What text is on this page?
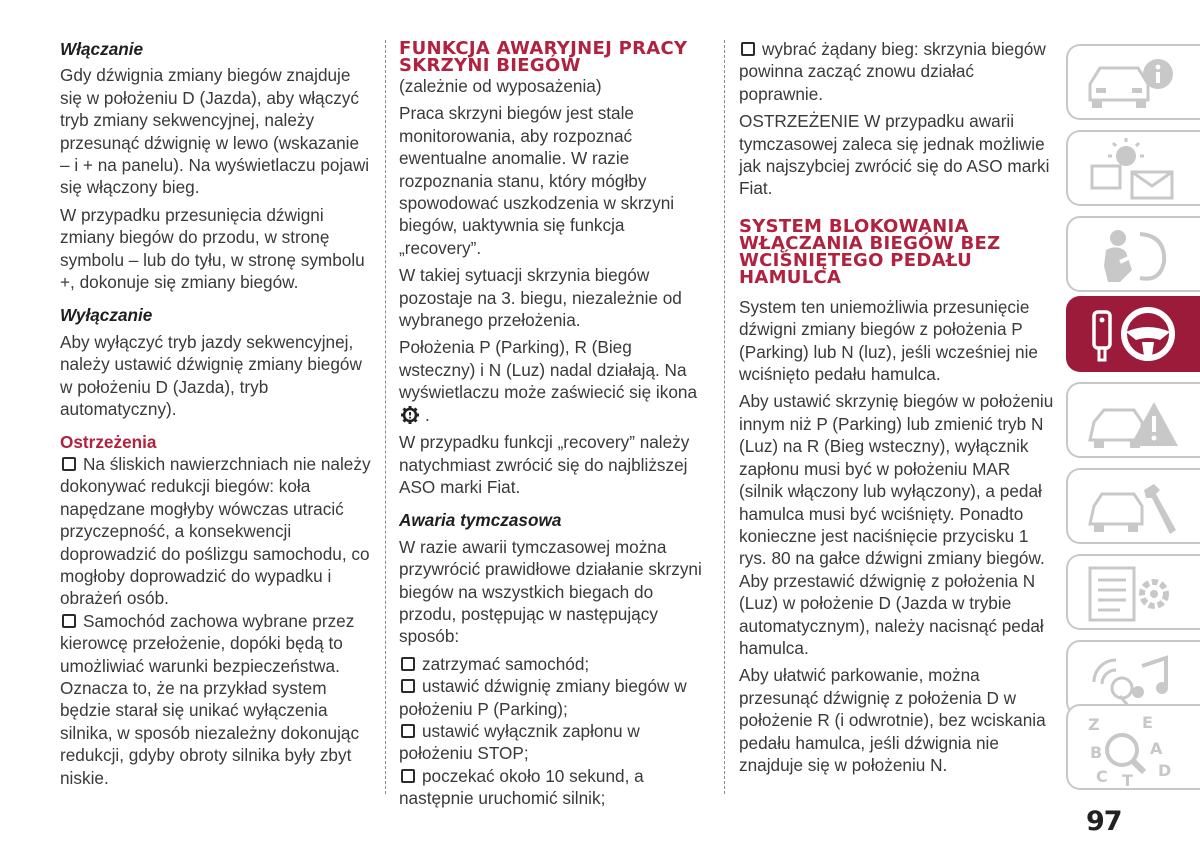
Włączanie

Gdy dźwignia zmiany biegów znajduje się w położeniu D (Jazda), aby włączyć tryb zmiany sekwencyjnej, należy przesunąć dźwignię w lewo (wskazanie – i + na panelu). Na wyświetlaczu pojawi się włączony bieg.

W przypadku przesunięcia dźwigni zmiany biegów do przodu, w stronę symbolu – lub do tyłu, w stronę symbolu +, dokonuje się zmiany biegów.

Wyłączanie

Aby wyłączyć tryb jazdy sekwencyjnej, należy ustawić dźwignię zmiany biegów w położeniu D (Jazda), tryb automatyczny).

Ostrzeżenia

Na śliskich nawierzchniach nie należy dokonywać redukcji biegów: koła napędzane mogłyby wówczas utracić przyczepność, a konsekwencji doprowadzić do poślizgu samochodu, co mogłoby doprowadzić do wypadku i obrażeń osób.
Samochód zachowa wybrane przez kierowcę przełożenie, dopóki będą to umożliwiać warunki bezpieczeństwa. Oznacza to, że na przykład system będzie starał się unikać wyłączenia silnika, w sposób niezależny dokonując redukcji, gdyby obroty silnika były zbyt niskie.
FUNKCJA AWARYJNEJ PRACY SKRZYNI BIEGÓW

(zależnie od wyposażenia)

Praca skrzyni biegów jest stale monitorowania, aby rozpoznać ewentualne anomalie. W razie rozpoznania stanu, który mógłby spowodować uszkodzenia w skrzyni biegów, uaktywnia się funkcja „recovery”.

W takiej sytuacji skrzynia biegów pozostaje na 3. biegu, niezależnie od wybranego przełożenia.

Położenia P (Parking), R (Bieg wsteczny) i N (Luz) nadal działają. Na wyświetlaczu może zaświecić się ikona .

W przypadku funkcji „recovery” należy natychmiast zwrócić się do najbliższej ASO marki Fiat.

Awaria tymczasowa

W razie awarii tymczasowej można przywrócić prawidłowe działanie skrzyni biegów na wszystkich biegach do przodu, postępując w następujący sposób:

zatrzymać samochód;
ustawić dźwignię zmiany biegów w położeniu P (Parking);
ustawić wyłącznik zapłonu w położeniu STOP;
poczekać około 10 sekund, a następnie uruchomić silnik;

wybrać żądany bieg: skrzynia biegów powinna zacząć znowu działać poprawnie.

OSTRZEŻENIE W przypadku awarii tymczasowej zaleca się jednak możliwie jak najszybciej zwrócić się do ASO marki Fiat.

SYSTEM BLOKOWANIA WŁĄCZANIA BIEGÓW BEZ WCIŚNIĘTEGO PEDAŁU HAMULCA

System ten uniemożliwia przesunięcie dźwigni zmiany biegów z położenia P (Parking) lub N (luz), jeśli wcześniej nie wciśnięto pedału hamulca.

Aby ustawić skrzynię biegów w położeniu innym niż P (Parking) lub zmienić tryb N (Luz) na R (Bieg wsteczny), wyłącznik zapłonu musi być w położeniu MAR (silnik włączony lub wyłączony), a pedał hamulca musi być wciśnięty. Ponadto konieczne jest naciśnięcie przycisku 1 rys. 80 na gałce dźwigni zmiany biegów. Aby przestawić dźwignię z położenia N (Luz) w położenie D (Jazda w trybie automatycznym), należy nacisnąć pedał hamulca.

Aby ułatwić parkowanie, można przesunąć dźwignię z położenia D w położenie R (i odwrotnie), bez wciskania pedału hamulca, jeśli dźwignia nie znajduje się w położeniu N.

Z	E
B	A
C T
D
97
